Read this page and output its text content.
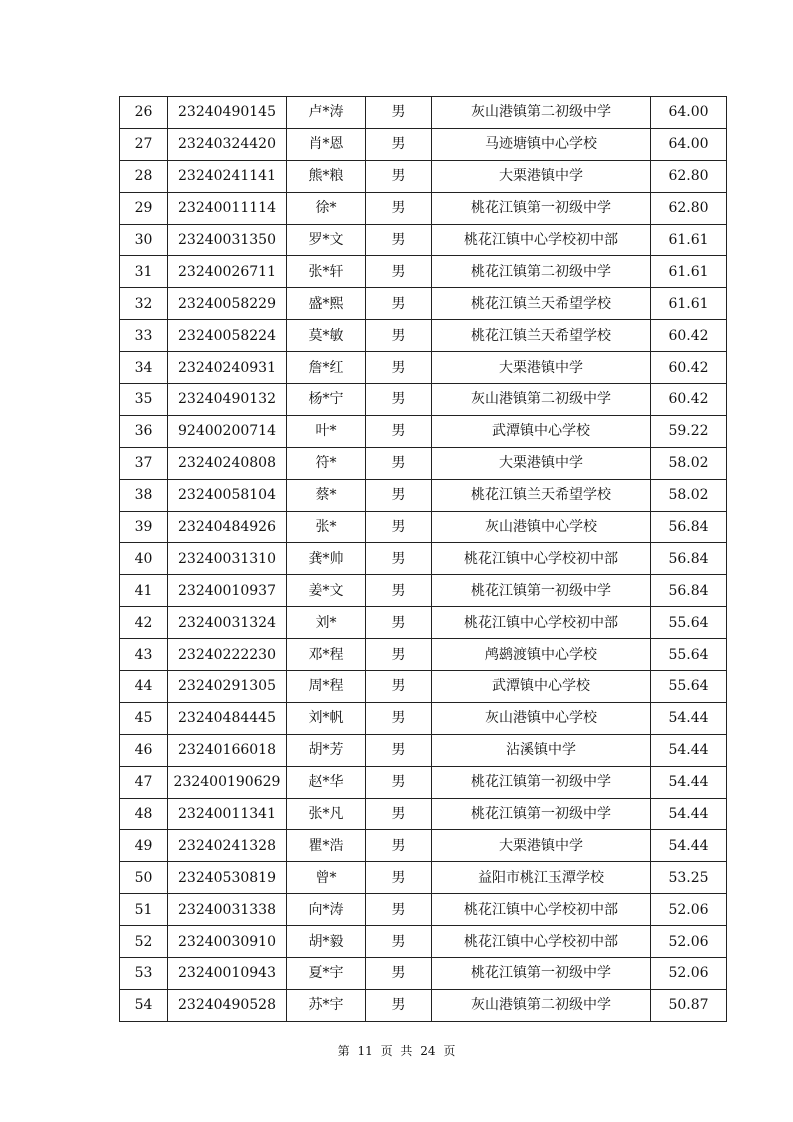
26	23240490145	卢*涛	男	灰山港镇第二初级中学	64.00
27	23240324420	肖*恩	男	马迹塘镇中心学校	64.00
28	23240241141	熊*粮	男	大栗港镇中学	62.80
29	23240011114	徐*	男	桃花江镇第一初级中学	62.80
30	23240031350	罗*文	男	桃花江镇中心学校初中部	61.61
31	23240026711	张*轩	男	桃花江镇第二初级中学	61.61
32	23240058229	盛*熙	男	桃花江镇兰天希望学校	61.61
33	23240058224	莫*敏	男	桃花江镇兰天希望学校	60.42
34	23240240931	詹*红	男	大栗港镇中学	60.42
35	23240490132	杨*宁	男	灰山港镇第二初级中学	60.42
36	92400200714	叶*	男	武潭镇中心学校	59.22
37	23240240808	符*	男	大栗港镇中学	58.02
38	23240058104	蔡*	男	桃花江镇兰天希望学校	58.02
39	23240484926	张*	男	灰山港镇中心学校	56.84
40	23240031310	龚*帅	男	桃花江镇中心学校初中部	56.84
41	23240010937	姜*文	男	桃花江镇第一初级中学	56.84
42	23240031324	刘*	男	桃花江镇中心学校初中部	55.64
43	23240222230	邓*程	男	鸬鹚渡镇中心学校	55.64
44	23240291305	周*程	男	武潭镇中心学校	55.64
45	23240484445	刘*帆	男	灰山港镇中心学校	54.44
46	23240166018	胡*芳	男	沾溪镇中学	54.44
47	232400190629	赵*华	男	桃花江镇第一初级中学	54.44
48	23240011341	张*凡	男	桃花江镇第一初级中学	54.44
49	23240241328	瞿*浩	男	大栗港镇中学	54.44
50	23240530819	曾*	男	益阳市桃江玉潭学校	53.25
51	23240031338	向*涛	男	桃花江镇中心学校初中部	52.06
52	23240030910	胡*毅	男	桃花江镇中心学校初中部	52.06
53	23240010943	夏*宇	男	桃花江镇第一初级中学	52.06
54	23240490528	苏*宇	男	灰山港镇第二初级中学	50.87
第 11 页 共 24 页
